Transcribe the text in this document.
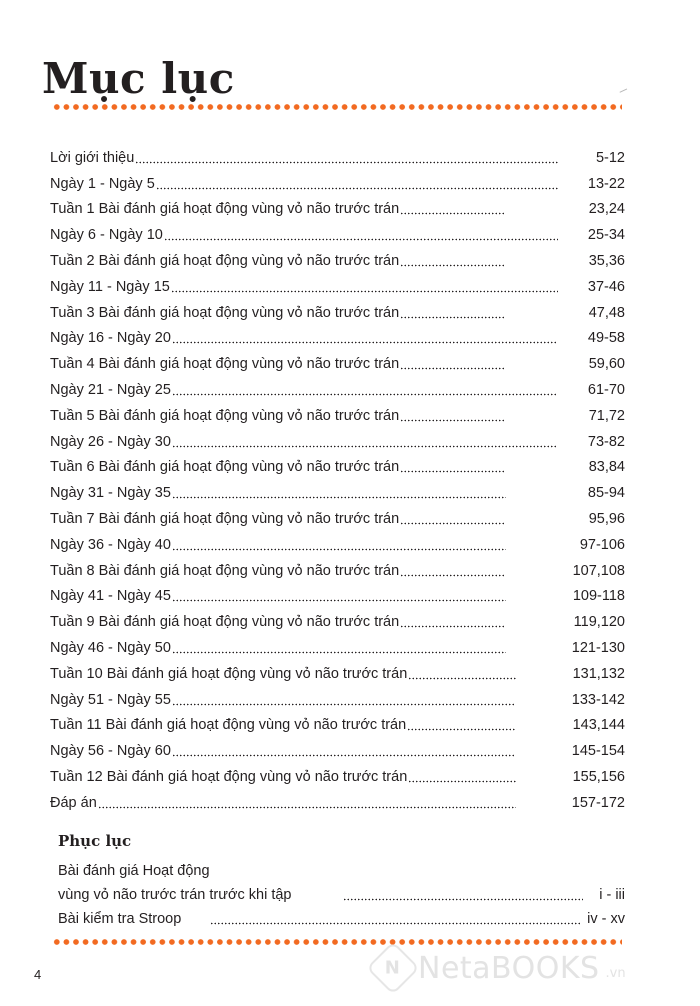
Mục lục
Lời giới thiệu	5-12
Ngày 1 - Ngày 5	13-22
Tuần 1 Bài đánh giá hoạt động vùng vỏ não trước trán	23,24
Ngày 6 - Ngày 10	25-34
Tuần 2 Bài đánh giá hoạt động vùng vỏ não trước trán	35,36
Ngày 11 - Ngày 15	37-46
Tuần 3 Bài đánh giá hoạt động vùng vỏ não trước trán	47,48
Ngày 16 - Ngày 20	49-58
Tuần 4 Bài đánh giá hoạt động vùng vỏ não trước trán	59,60
Ngày 21 - Ngày 25	61-70
Tuần 5 Bài đánh giá hoạt động vùng vỏ não trước trán	71,72
Ngày 26 - Ngày 30	73-82
Tuần 6 Bài đánh giá hoạt động vùng vỏ não trước trán	83,84
Ngày 31 - Ngày 35	85-94
Tuần 7 Bài đánh giá hoạt động vùng vỏ não trước trán	95,96
Ngày 36 - Ngày 40	97-106
Tuần 8 Bài đánh giá hoạt động vùng vỏ não trước trán	107,108
Ngày 41 - Ngày 45	109-118
Tuần 9 Bài đánh giá hoạt động vùng vỏ não trước trán	119,120
Ngày 46 - Ngày 50	121-130
Tuần 10 Bài đánh giá hoạt động vùng vỏ não trước trán	131,132
Ngày 51 - Ngày 55	133-142
Tuần 11 Bài đánh giá hoạt động vùng vỏ não trước trán	143,144
Ngày 56 - Ngày 60	145-154
Tuần 12 Bài đánh giá hoạt động vùng vỏ não trước trán	155,156
Đáp án	157-172
Phục lục
Bài đánh giá Hoạt động
vùng vỏ não trước trán trước khi tập	i - iii
Bài kiểm tra Stroop	iv - xv
4	N NetaBOOKS .vn
